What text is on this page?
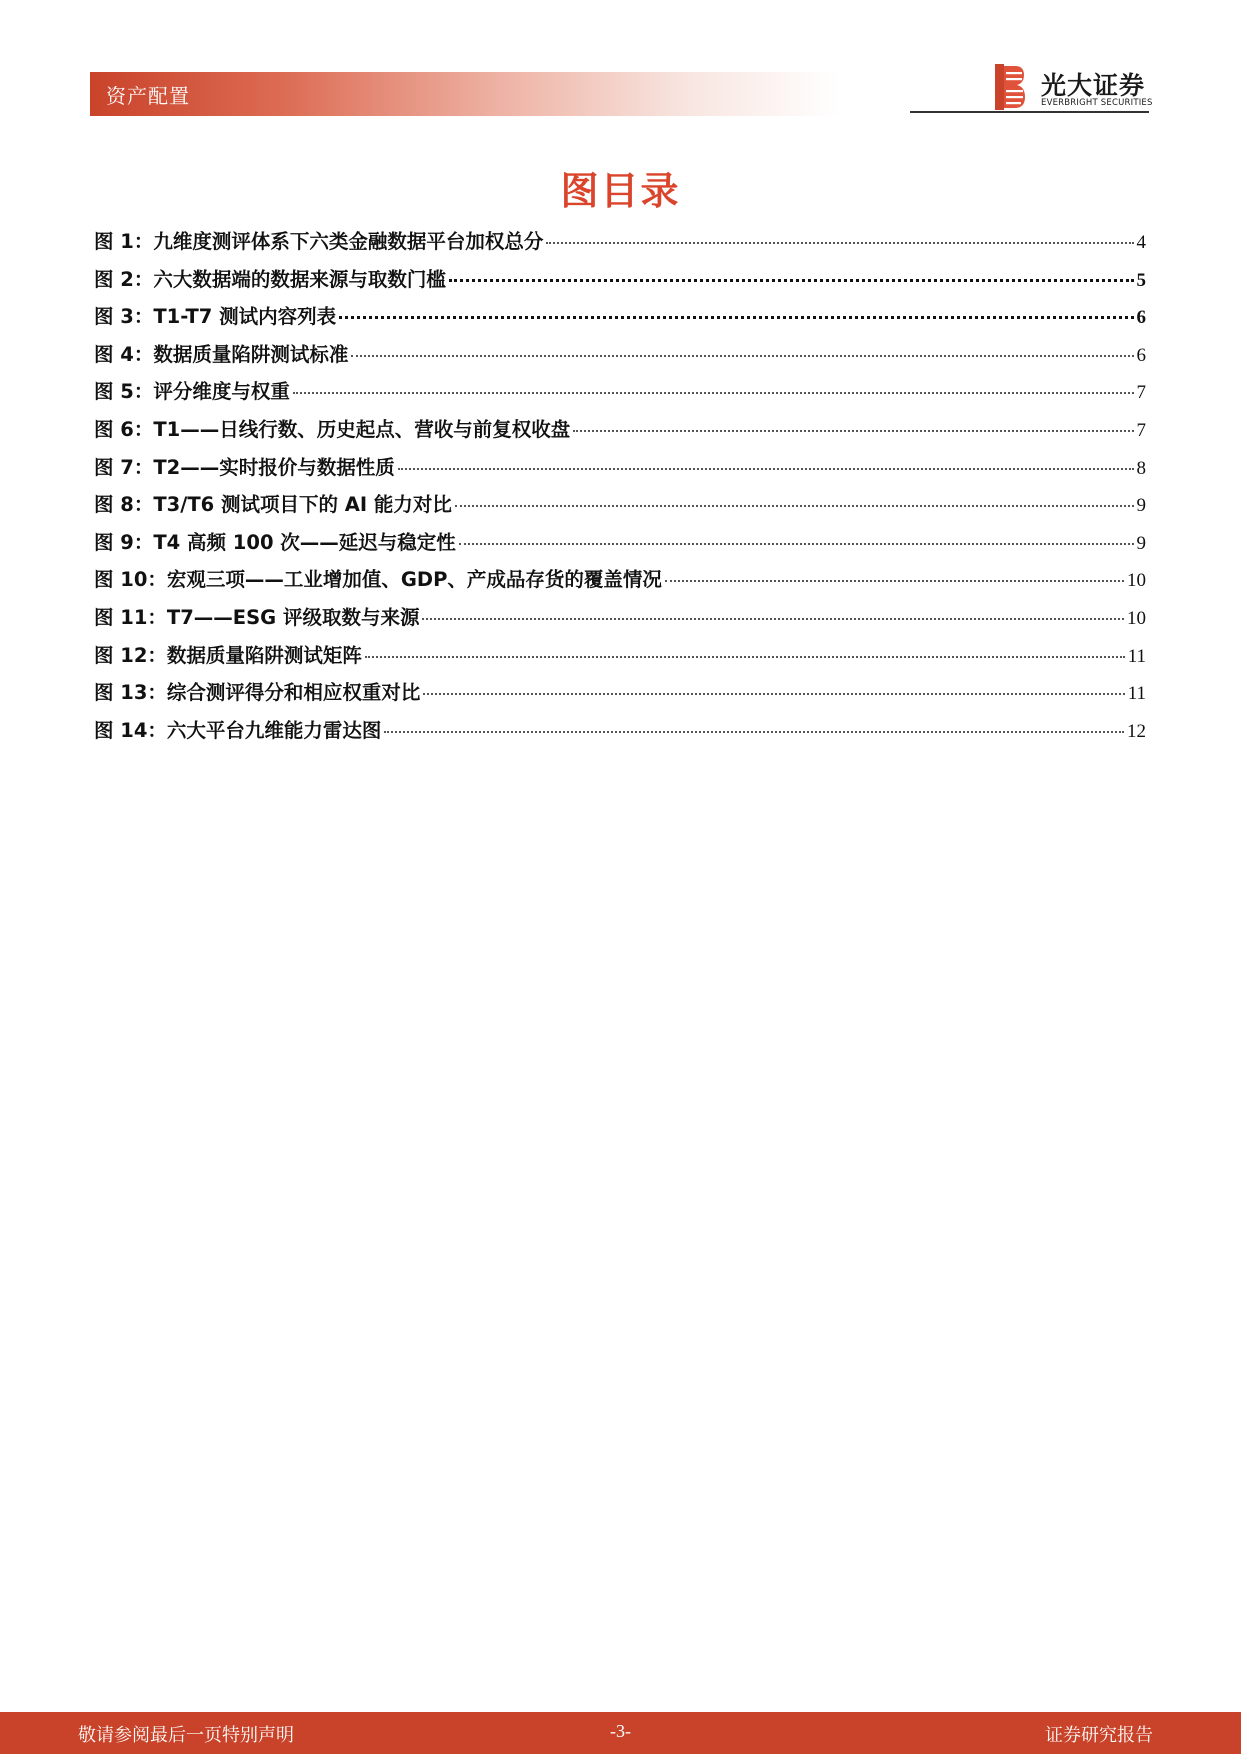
资产配置	光大证券
EVERBRIGHT SECURITIES
图目录
图 1：九维度测评体系下六类金融数据平台加权总分	4
图 2：六大数据端的数据来源与取数门槛	5
图 3：T1-T7 测试内容列表	6
图 4：数据质量陷阱测试标准	6
图 5：评分维度与权重	7
图 6：T1——日线行数、历史起点、营收与前复权收盘	7
图 7：T2——实时报价与数据性质	8
图 8：T3/T6 测试项目下的 AI 能力对比	9
图 9：T4 高频 100 次——延迟与稳定性	9
图 10：宏观三项——工业增加值、GDP、产成品存货的覆盖情况	10
图 11：T7——ESG 评级取数与来源	10
图 12：数据质量陷阱测试矩阵	11
图 13：综合测评得分和相应权重对比	11
图 14：六大平台九维能力雷达图	12
敬请参阅最后一页特别声明	-3-	证券研究报告
